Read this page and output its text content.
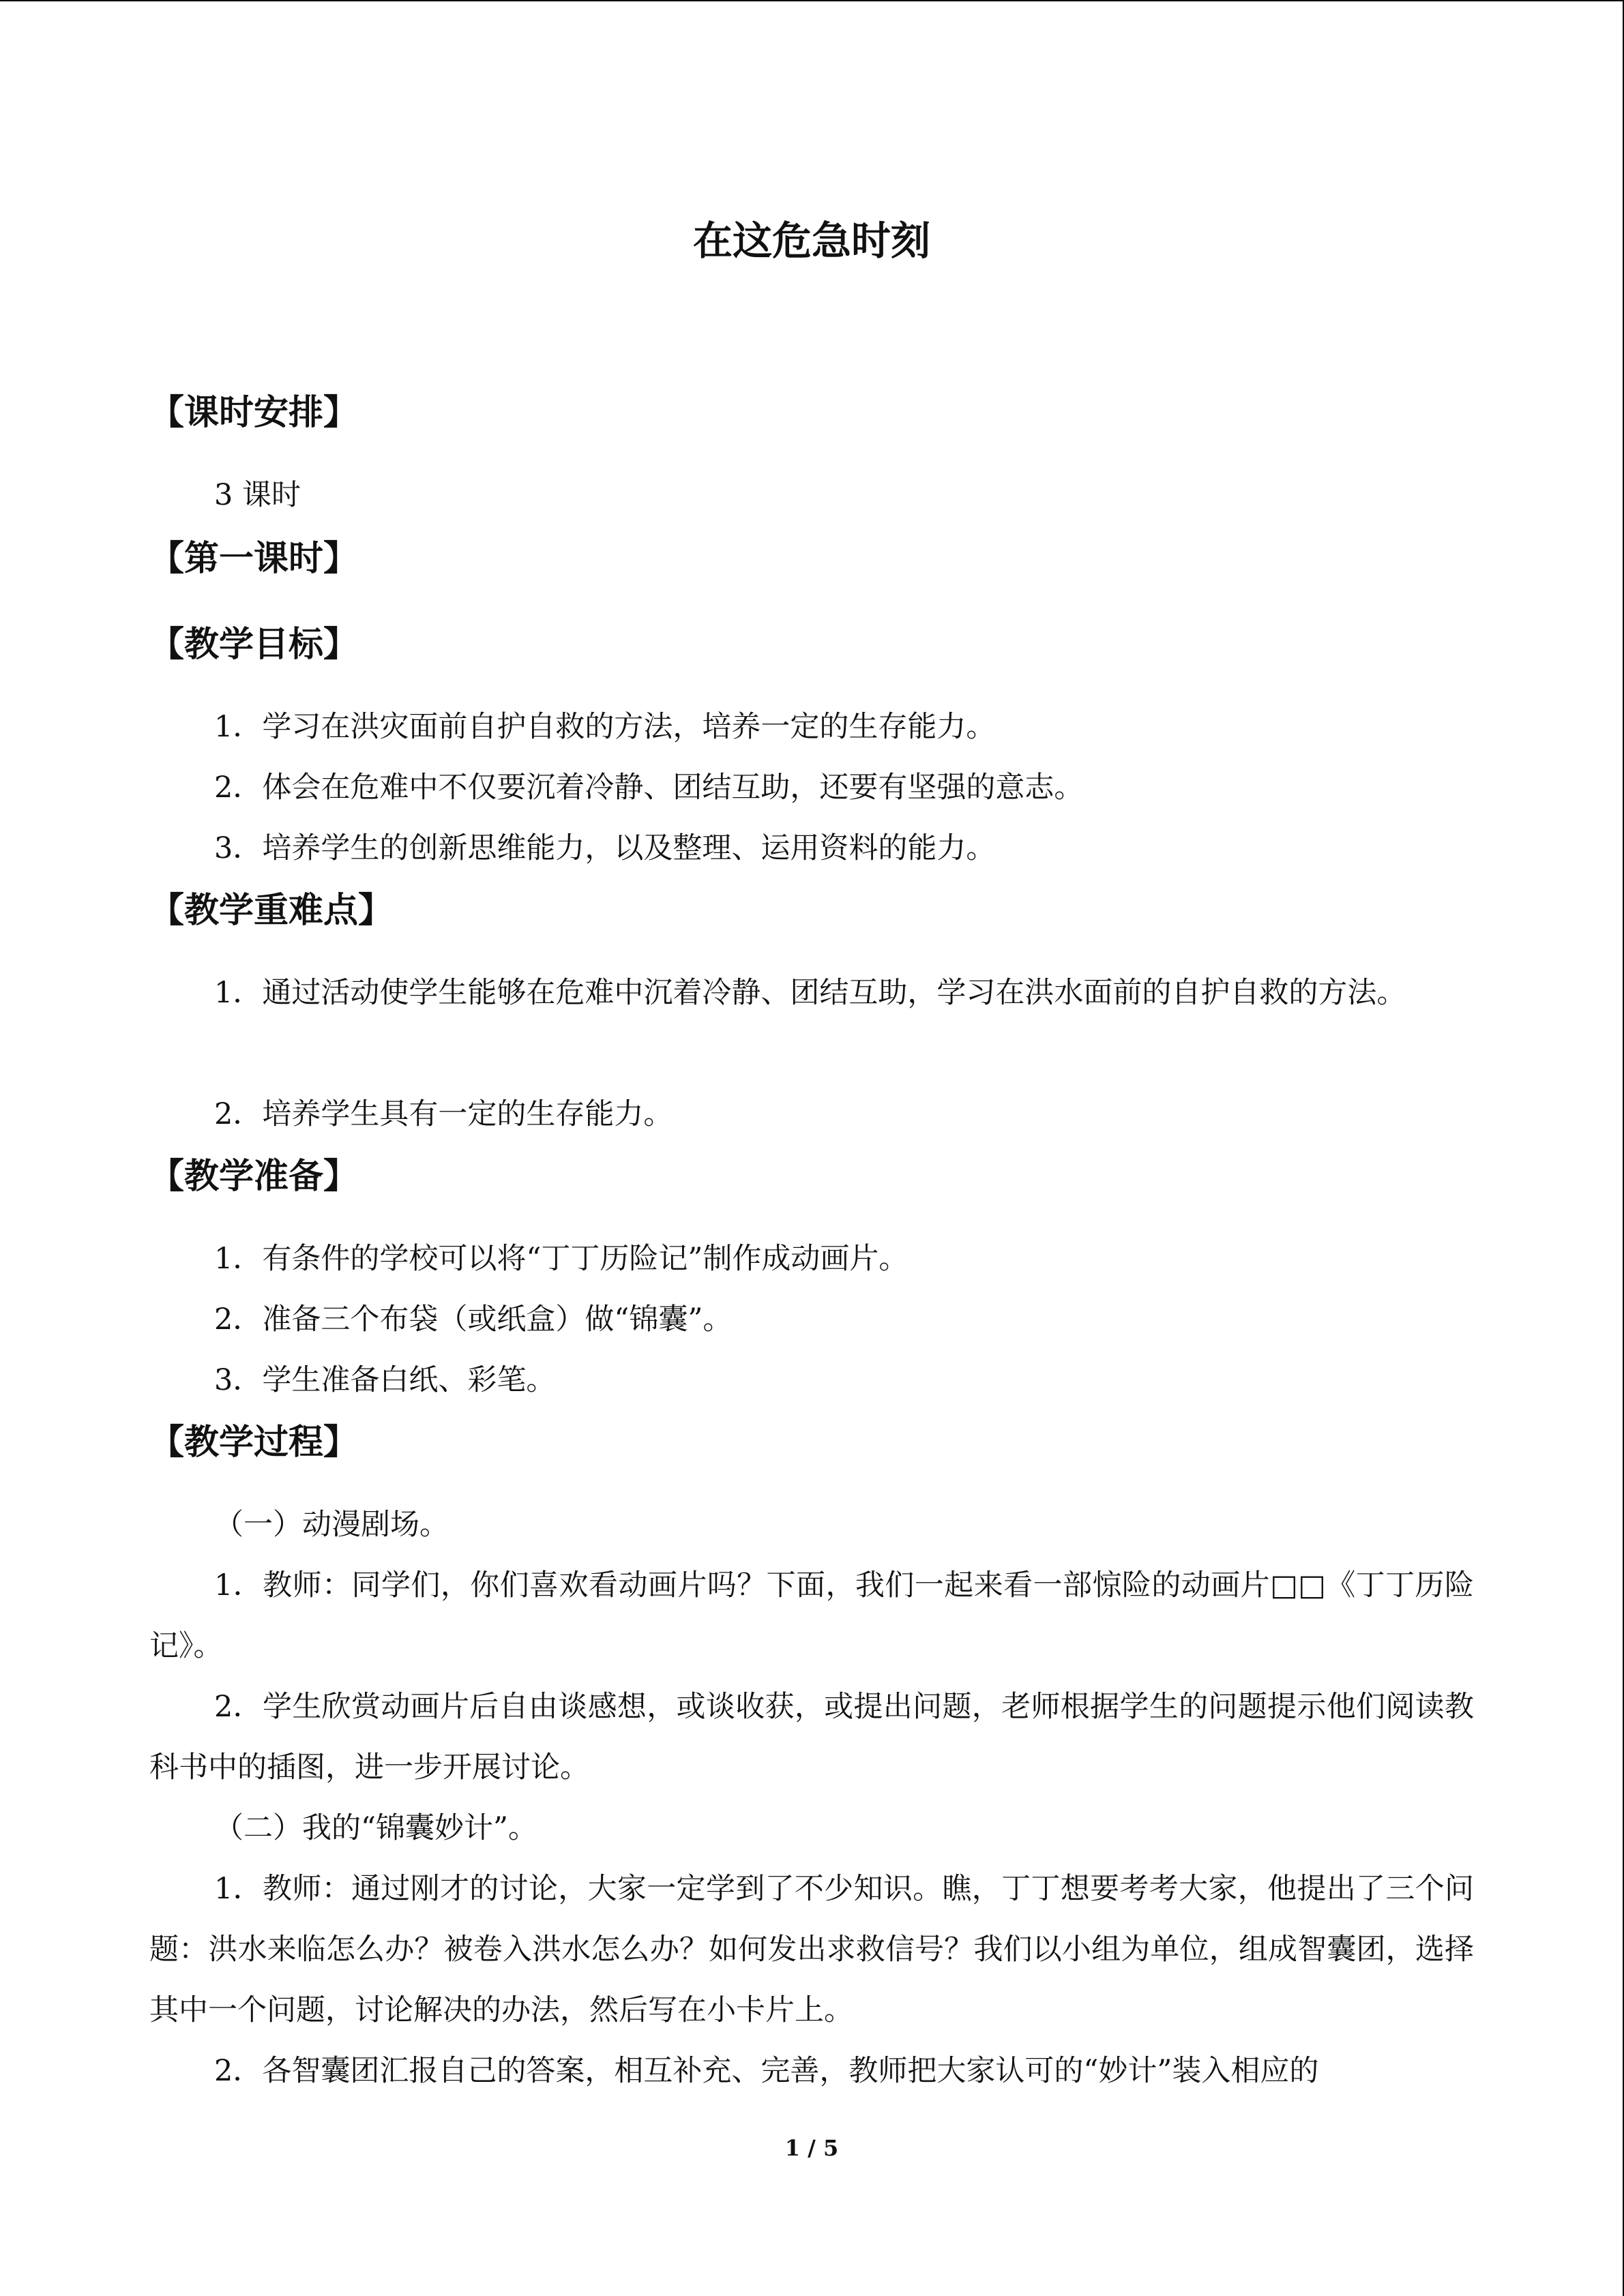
在这危急时刻
【课时安排】
3 课时
【第一课时】
【教学目标】
1．学习在洪灾面前自护自救的方法，培养一定的生存能力。
2．体会在危难中不仅要沉着冷静、团结互助，还要有坚强的意志。
3．培养学生的创新思维能力，以及整理、运用资料的能力。
【教学重难点】
1．通过活动使学生能够在危难中沉着冷静、团结互助，学习在洪水面前的自护自救的方法。
2．培养学生具有一定的生存能力。
【教学准备】
1．有条件的学校可以将“丁丁历险记”制作成动画片。
2．准备三个布袋（或纸盒）做“锦囊”。
3．学生准备白纸、彩笔。
【教学过程】
（一）动漫剧场。
1．教师：同学们，你们喜欢看动画片吗？下面，我们一起来看一部惊险的动画片□□《丁丁历险记》。
2．学生欣赏动画片后自由谈感想，或谈收获，或提出问题，老师根据学生的问题提示他们阅读教科书中的插图，进一步开展讨论。
（二）我的“锦囊妙计”。
1．教师：通过刚才的讨论，大家一定学到了不少知识。瞧，丁丁想要考考大家，他提出了三个问题：洪水来临怎么办？被卷入洪水怎么办？如何发出求救信号？我们以小组为单位，组成智囊团，选择其中一个问题，讨论解决的办法，然后写在小卡片上。
2．各智囊团汇报自己的答案，相互补充、完善，教师把大家认可的“妙计”装入相应的
1 / 5
